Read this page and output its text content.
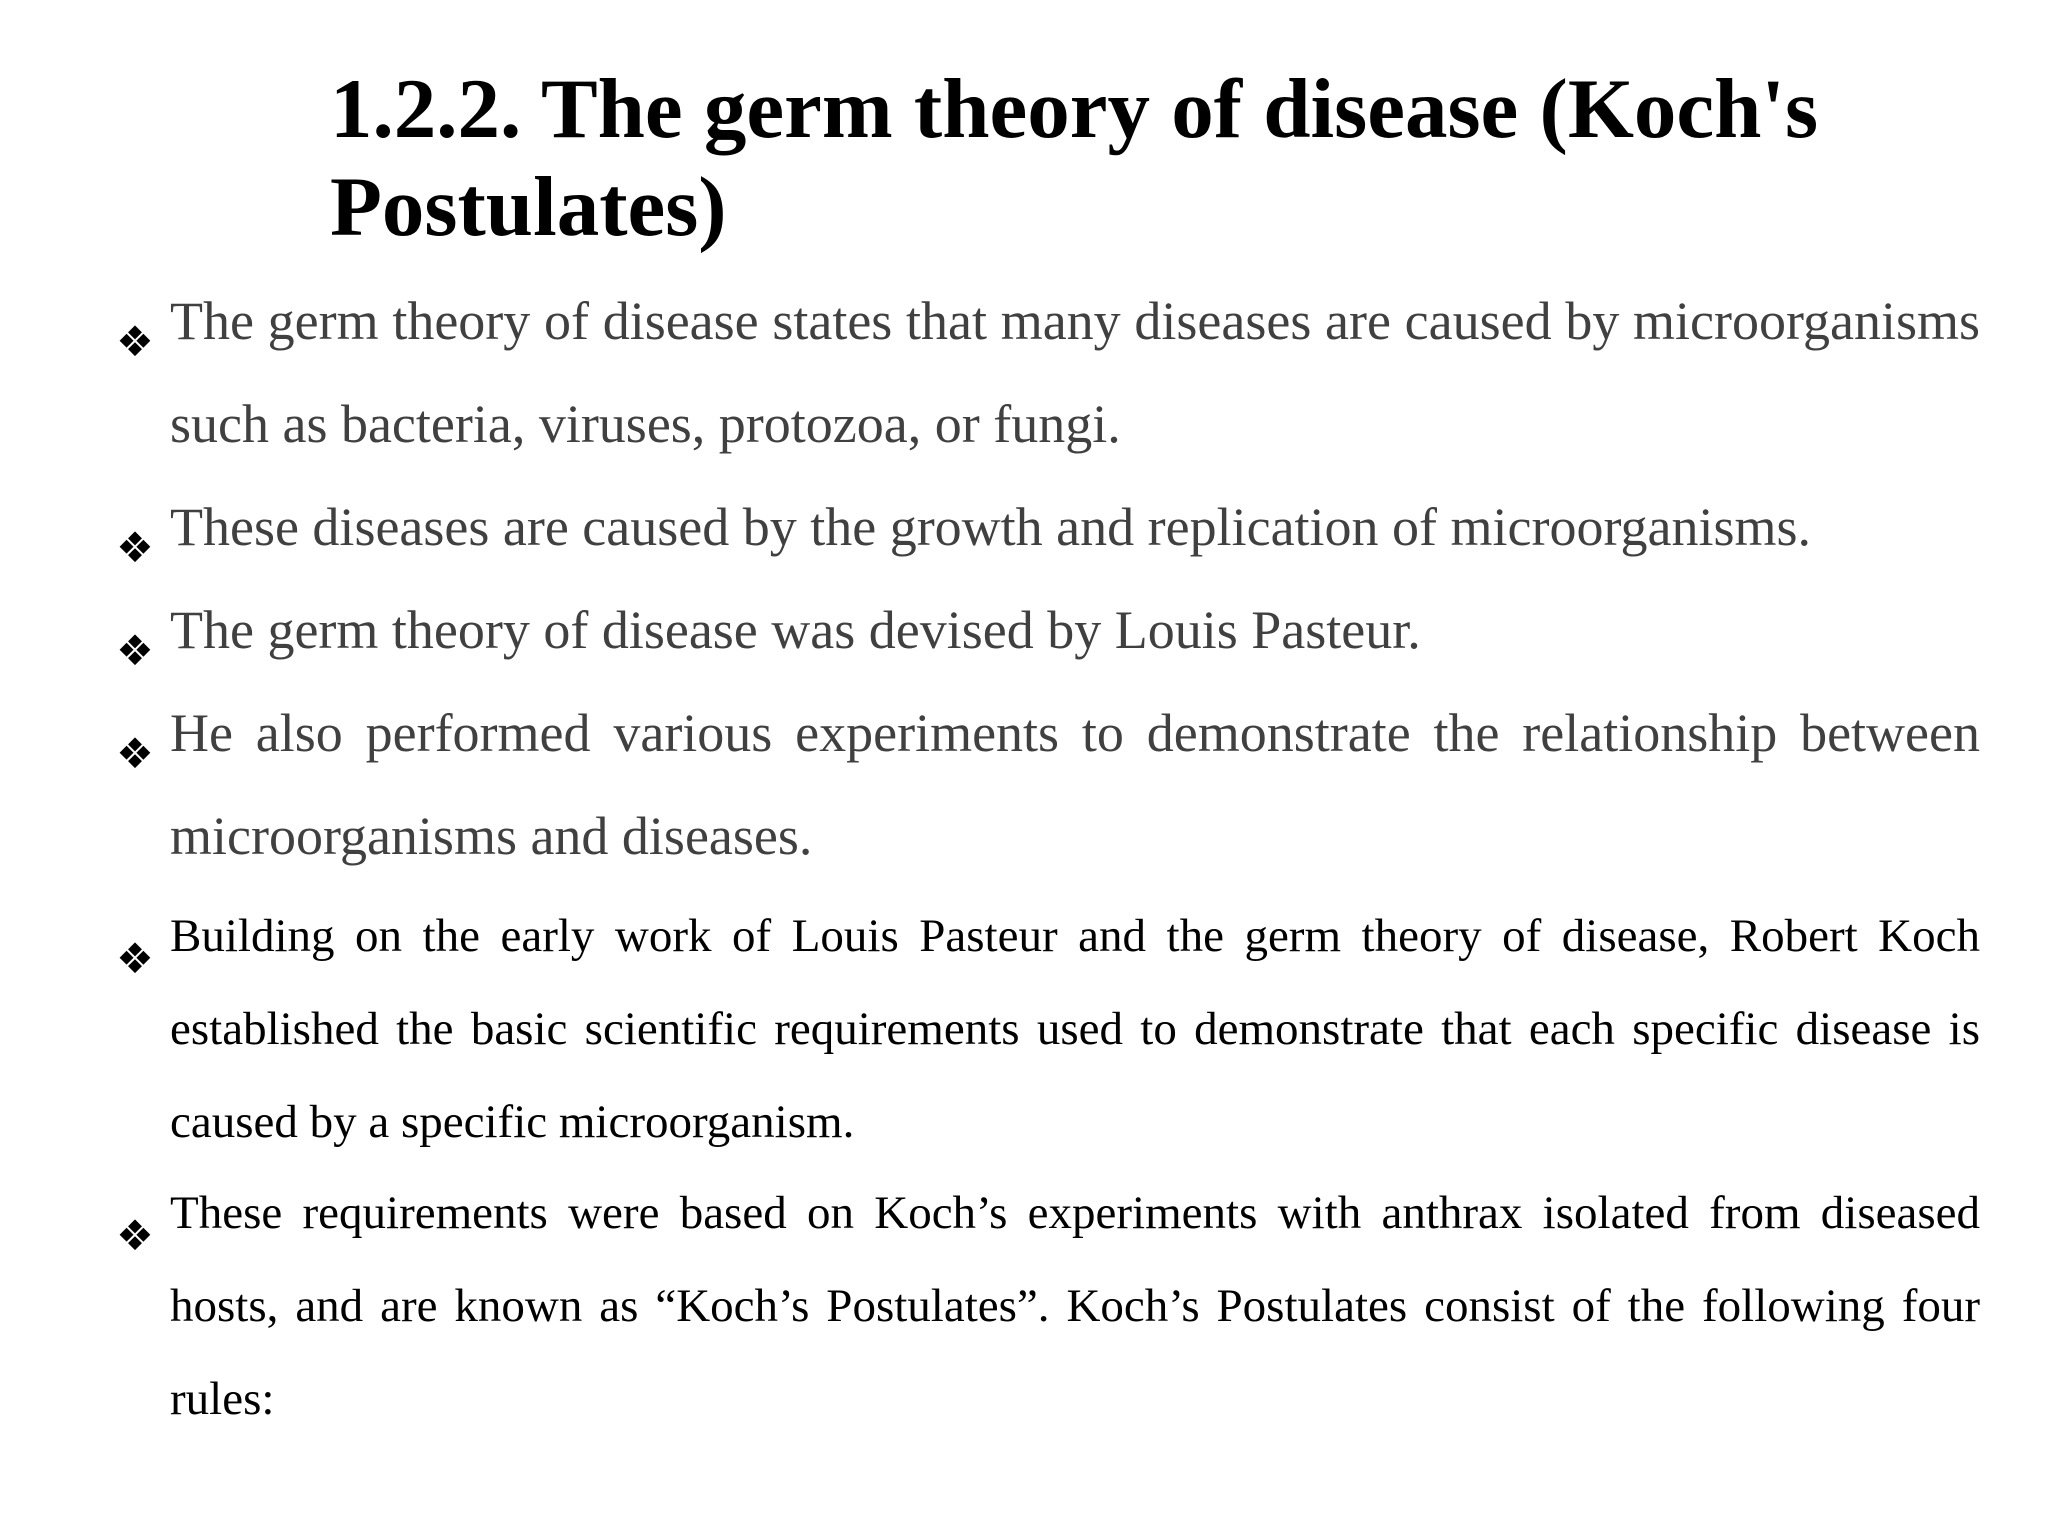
1.2.2. The germ theory of disease (Koch's Postulates)
❖ The germ theory of disease states that many diseases are caused by microorganisms such as bacteria, viruses, protozoa, or fungi.
❖ These diseases are caused by the growth and replication of microorganisms.
❖ The germ theory of disease was devised by Louis Pasteur.
❖ He also performed various experiments to demonstrate the relationship between microorganisms and diseases.
❖ Building on the early work of Louis Pasteur and the germ theory of disease, Robert Koch established the basic scientific requirements used to demonstrate that each specific disease is caused by a specific microorganism.
❖ These requirements were based on Koch’s experiments with anthrax isolated from diseased hosts, and are known as “Koch’s Postulates”. Koch’s Postulates consist of the following four rules:
